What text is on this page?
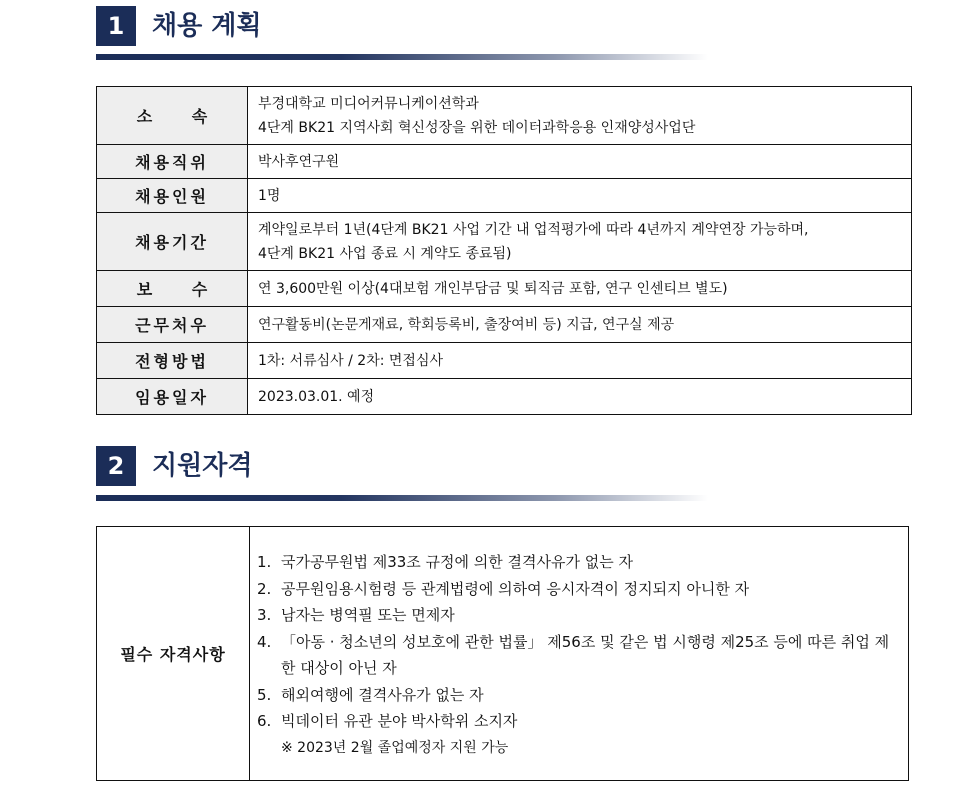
1	채용 계획
소 속	부경대학교 미디어커뮤니케이션학과
4단계 BK21 지역사회 혁신성장을 위한 데이터과학응용 인재양성사업단

채용직위	박사후연구원

채용인원	1명

채용기간	계약일로부터 1년(4단계 BK21 사업 기간 내 업적평가에 따라 4년까지 계약연장 가능하며,
4단계 BK21 사업 종료 시 계약도 종료됨)

보 수	연 3,600만원 이상(4대보험 개인부담금 및 퇴직금 포함, 연구 인센티브 별도)

근무처우	연구활동비(논문게재료, 학회등록비, 출장여비 등) 지급, 연구실 제공

전형방법	1차: 서류심사 / 2차: 면접심사

임용일자	2023.03.01. 예정
2	지원자격
필수 자격사항
1. 국가공무원법 제33조 규정에 의한 결격사유가 없는 자
2. 공무원임용시험령 등 관계법령에 의하여 응시자격이 정지되지 아니한 자
3. 남자는 병역필 또는 면제자
4. 「아동 · 청소년의 성보호에 관한 법률」 제56조 및 같은 법 시행령 제25조 등에 따른 취업 제한 대상이 아닌 자
5. 해외여행에 결격사유가 없는 자
6. 빅데이터 유관 분야 박사학위 소지자
※ 2023년 2월 졸업예정자 지원 가능
